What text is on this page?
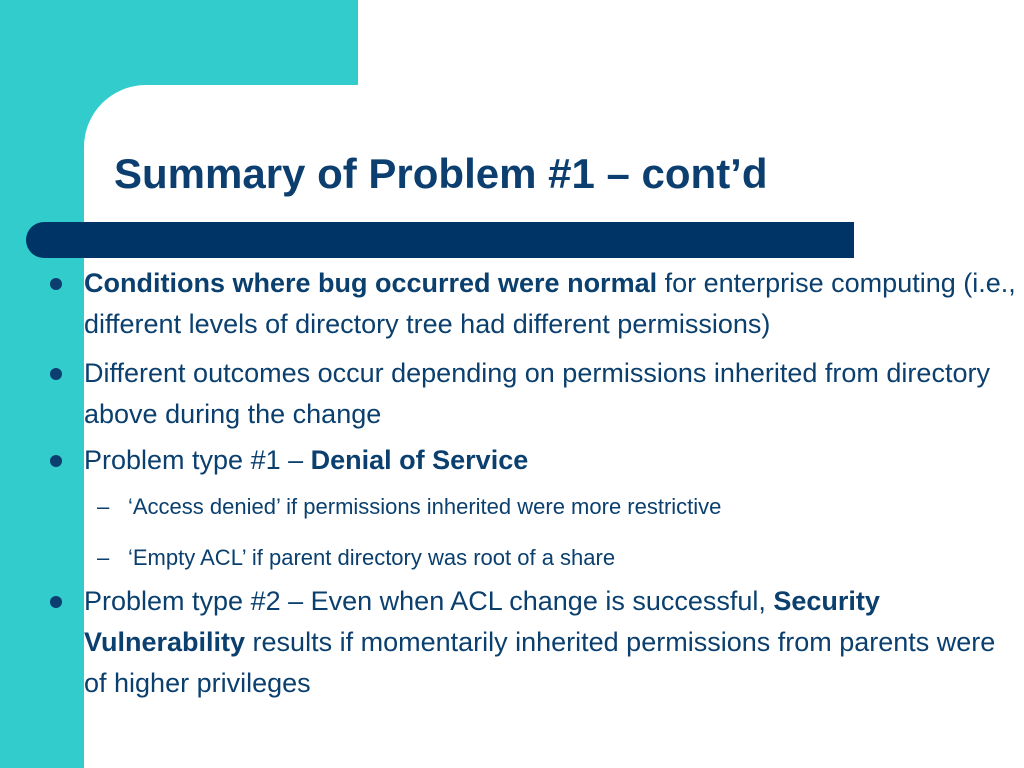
Summary of Problem #1 – cont’d

Conditions where bug occurred were normal for enterprise computing (i.e., different levels of directory tree had different permissions)

Different outcomes occur depending on permissions inherited from directory above during the change

Problem type #1 – Denial of Service

– ‘Access denied’ if permissions inherited were more restrictive
– ‘Empty ACL’ if parent directory was root of a share

Problem type #2 – Even when ACL change is successful, Security Vulnerability results if momentarily inherited permissions from parents were of higher privileges
